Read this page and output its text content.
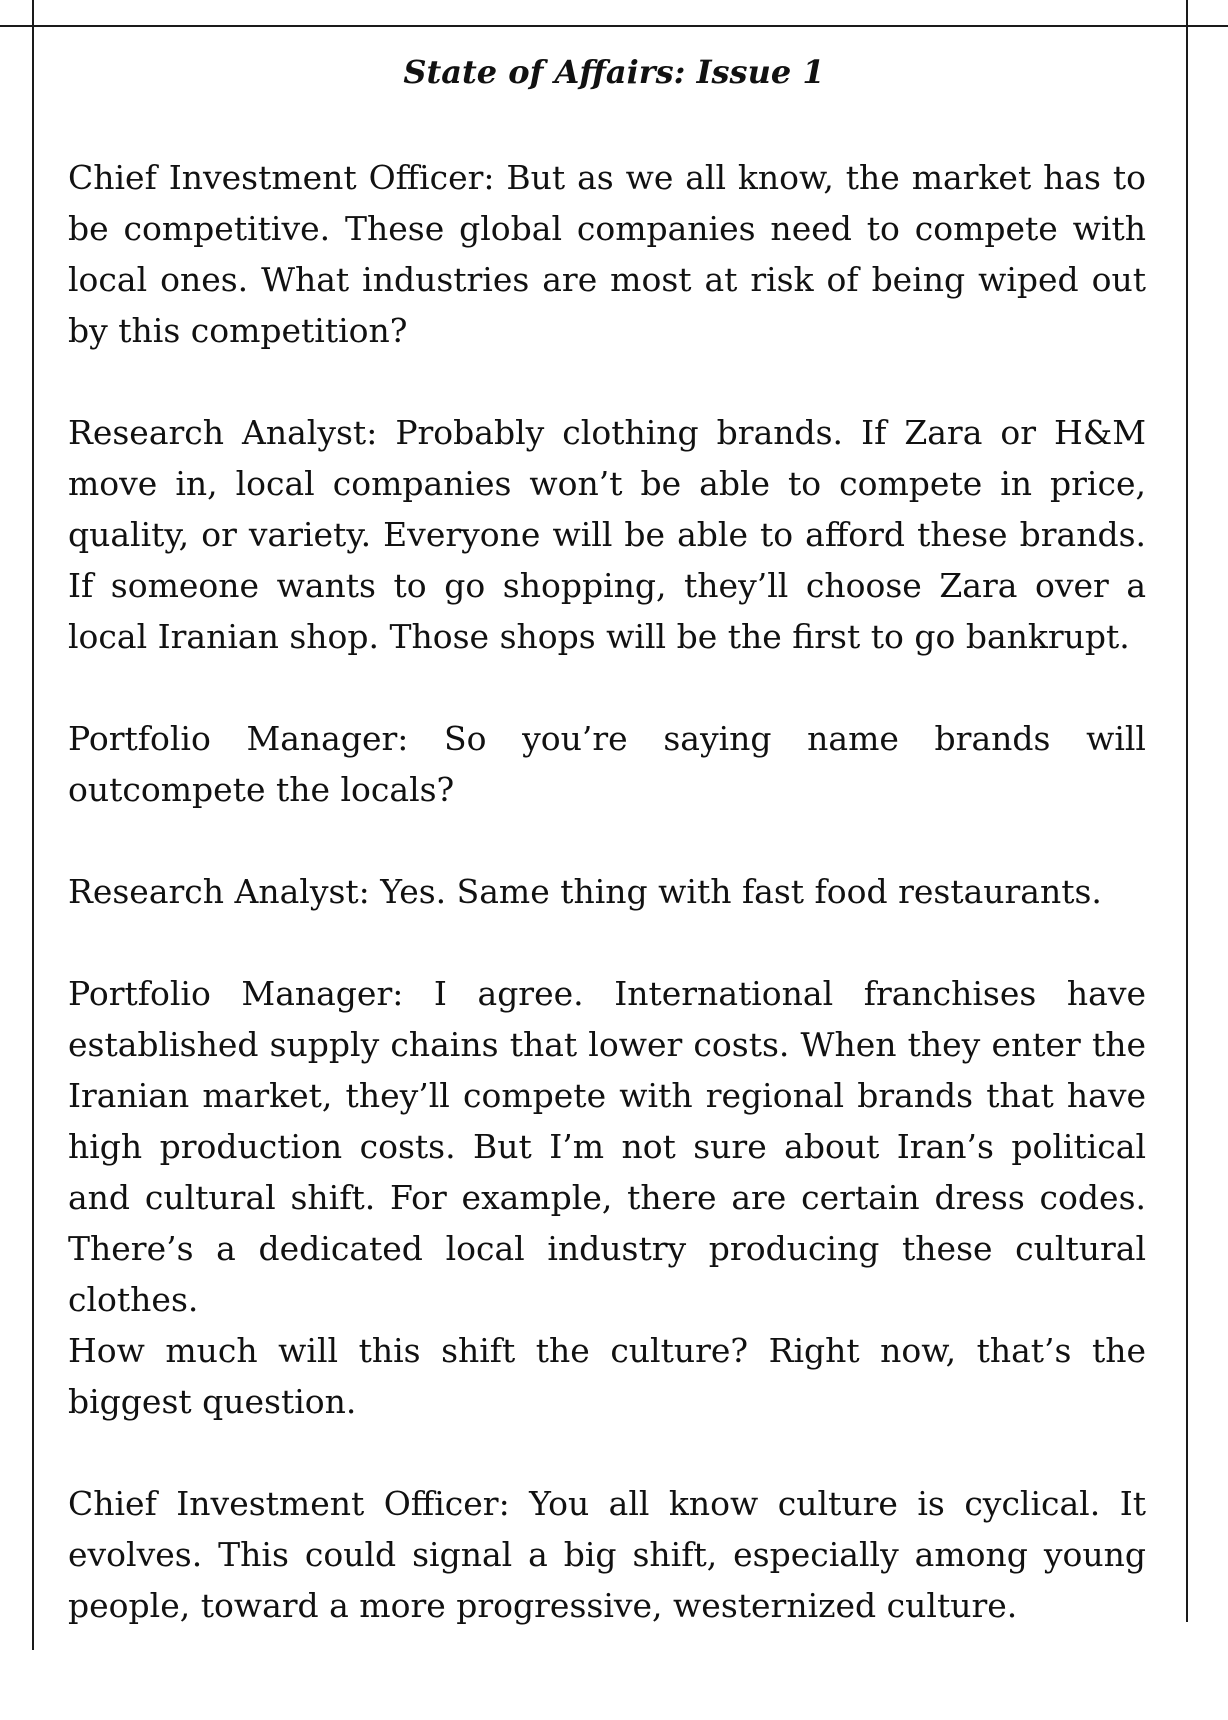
State of Affairs: Issue 1

Chief Investment Officer: But as we all know, the market has to be competitive. These global companies need to compete with local ones. What industries are most at risk of being wiped out by this competition?

Research Analyst: Probably clothing brands. If Zara or H&M move in, local companies won’t be able to compete in price, quality, or variety. Everyone will be able to afford these brands. If someone wants to go shopping, they’ll choose Zara over a local Iranian shop. Those shops will be the first to go bankrupt.

Portfolio Manager: So you’re saying name brands will outcompete the locals?

Research Analyst: Yes. Same thing with fast food restaurants.

Portfolio Manager: I agree. International franchises have established supply chains that lower costs. When they enter the Iranian market, they’ll compete with regional brands that have high production costs. But I’m not sure about Iran’s political and cultural shift. For example, there are certain dress codes. There’s a dedicated local industry producing these cultural clothes.
How much will this shift the culture? Right now, that’s the biggest question.

Chief Investment Officer: You all know culture is cyclical. It evolves. This could signal a big shift, especially among young people, toward a more progressive, westernized culture.
